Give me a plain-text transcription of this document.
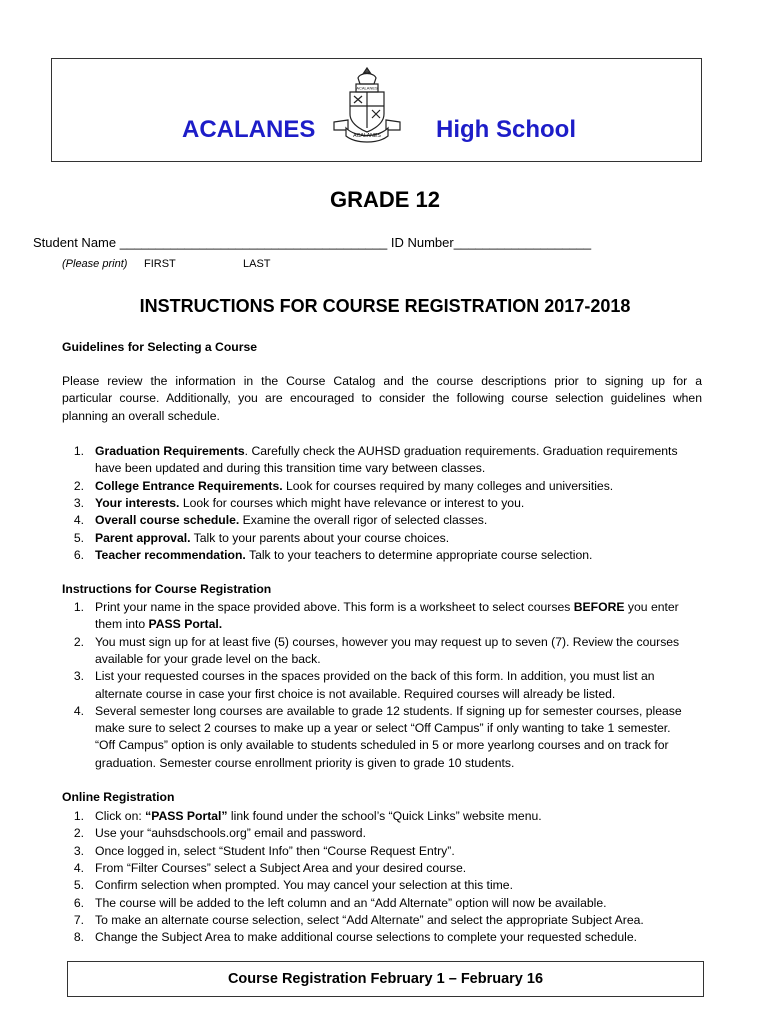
ACALANES	High School
ACALANES
ACALANES
GRADE 12
Student Name _____________________________________ ID Number___________________
(Please print) FIRST	LAST
INSTRUCTIONS FOR COURSE REGISTRATION 2017-2018
Guidelines for Selecting a Course
Please review the information in the Course Catalog and the course descriptions prior to signing up for a
particular course. Additionally, you are encouraged to consider the following course selection guidelines when
planning an overall schedule.
1. Graduation Requirements. Carefully check the AUHSD graduation requirements. Graduation requirements
have been updated and during this transition time vary between classes.
2. College Entrance Requirements. Look for courses required by many colleges and universities.
3. Your interests. Look for courses which might have relevance or interest to you.
4. Overall course schedule. Examine the overall rigor of selected classes.
5. Parent approval. Talk to your parents about your course choices.
6. Teacher recommendation. Talk to your teachers to determine appropriate course selection.
Instructions for Course Registration
1. Print your name in the space provided above. This form is a worksheet to select courses BEFORE you enter
them into PASS Portal.
2. You must sign up for at least five (5) courses, however you may request up to seven (7). Review the courses
available for your grade level on the back.
3. List your requested courses in the spaces provided on the back of this form. In addition, you must list an
alternate course in case your first choice is not available. Required courses will already be listed.
4. Several semester long courses are available to grade 12 students. If signing up for semester courses, please
make sure to select 2 courses to make up a year or select “Off Campus” if only wanting to take 1 semester.
“Off Campus” option is only available to students scheduled in 5 or more yearlong courses and on track for
graduation. Semester course enrollment priority is given to grade 10 students.
Online Registration
1. Click on: “PASS Portal” link found under the school’s “Quick Links” website menu.
2. Use your “auhsdschools.org” email and password.
3. Once logged in, select “Student Info” then “Course Request Entry”.
4. From “Filter Courses” select a Subject Area and your desired course.
5. Confirm selection when prompted. You may cancel your selection at this time.
6. The course will be added to the left column and an “Add Alternate” option will now be available.
7. To make an alternate course selection, select “Add Alternate” and select the appropriate Subject Area.
8. Change the Subject Area to make additional course selections to complete your requested schedule.
Course Registration February 1 – February 16
